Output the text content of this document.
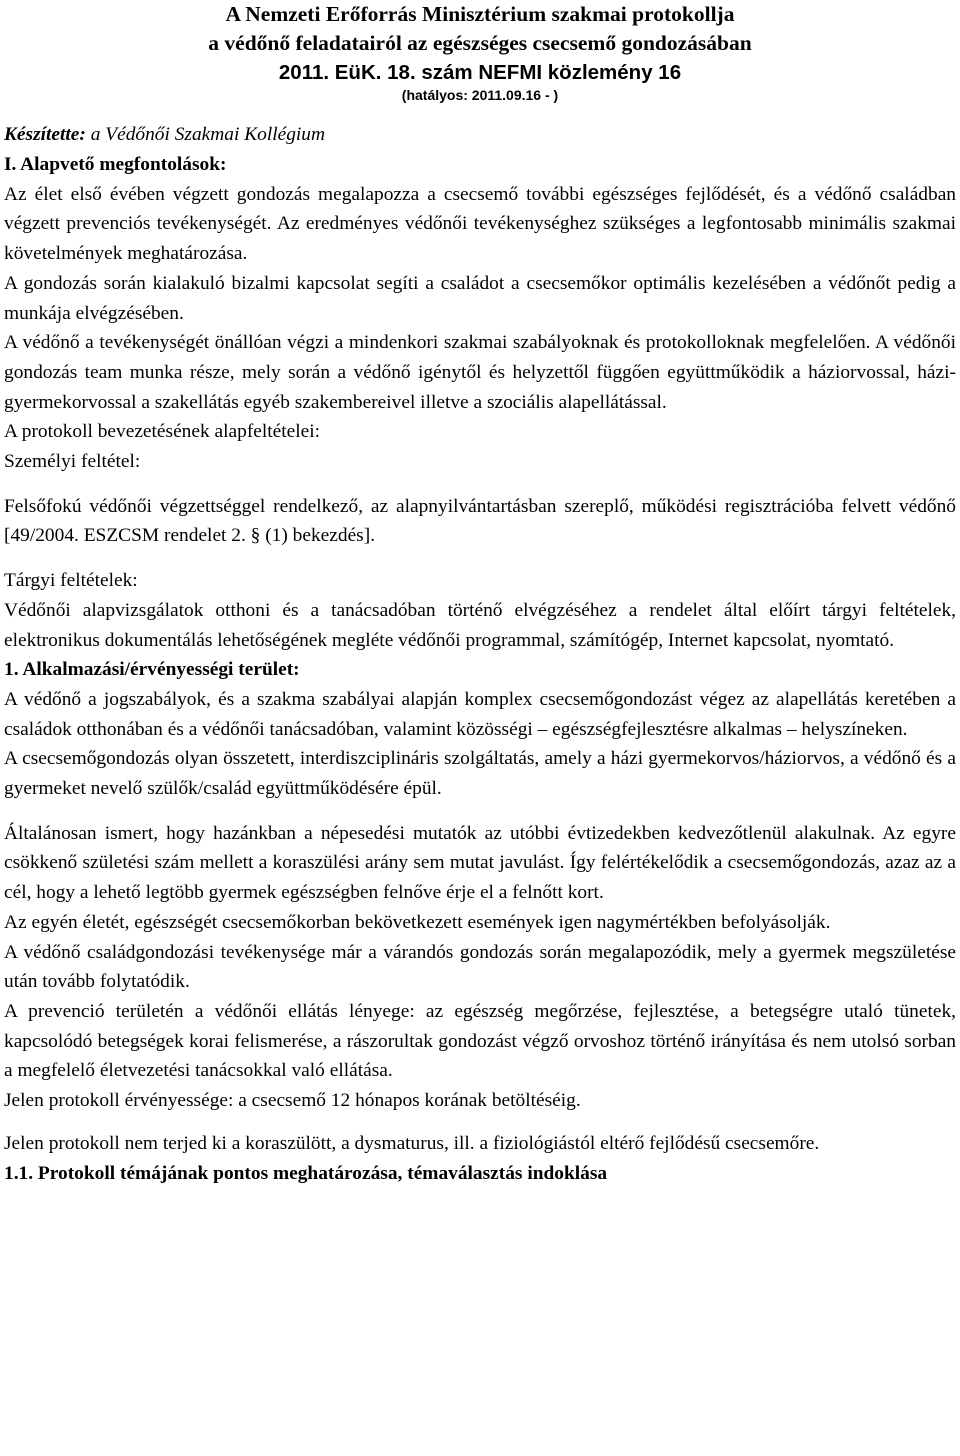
A Nemzeti Erőforrás Minisztérium szakmai protokollja
a védőnő feladatairól az egészséges csecsemő gondozásában
2011. EüK. 18. szám NEFMI közlemény 16
(hatályos: 2011.09.16 - )
Készítette: a Védőnői Szakmai Kollégium
I. Alapvető megfontolások:

Az élet első évében végzett gondozás megalapozza a csecsemő további egészséges fejlődését, és a védőnő családban végzett prevenciós tevékenységét. Az eredményes védőnői tevékenységhez szükséges a legfontosabb minimális szakmai követelmények meghatározása.

A gondozás során kialakuló bizalmi kapcsolat segíti a családot a csecsemőkor optimális kezelésében a védőnőt pedig a munkája elvégzésében.

A védőnő a tevékenységét önállóan végzi a mindenkori szakmai szabályoknak és protokolloknak megfelelően. A védőnői gondozás team munka része, mely során a védőnő igénytől és helyzettől függően együttműködik a háziorvossal, házi-gyermekorvossal a szakellátás egyéb szakembereivel illetve a szociális alapellátással.

A protokoll bevezetésének alapfeltételei:

Személyi feltétel:

Felsőfokú védőnői végzettséggel rendelkező, az alapnyilvántartásban szereplő, működési regisztrációba felvett védőnő [49/2004. ESZCSM rendelet 2. § (1) bekezdés].

Tárgyi feltételek:

Védőnői alapvizsgálatok otthoni és a tanácsadóban történő elvégzéséhez a rendelet által előírt tárgyi feltételek, elektronikus dokumentálás lehetőségének megléte védőnői programmal, számítógép, Internet kapcsolat, nyomtató.

1. Alkalmazási/érvényességi terület:

A védőnő a jogszabályok, és a szakma szabályai alapján komplex csecsemőgondozást végez az alapellátás keretében a családok otthonában és a védőnői tanácsadóban, valamint közösségi – egészségfejlesztésre alkalmas – helyszíneken.

A csecsemőgondozás olyan összetett, interdiszciplináris szolgáltatás, amely a házi gyermekorvos/háziorvos, a védőnő és a gyermeket nevelő szülők/család együttműködésére épül.

Általánosan ismert, hogy hazánkban a népesedési mutatók az utóbbi évtizedekben kedvezőtlenül alakulnak. Az egyre csökkenő születési szám mellett a koraszülési arány sem mutat javulást. Így felértékelődik a csecsemőgondozás, azaz az a cél, hogy a lehető legtöbb gyermek egészségben felnőve érje el a felnőtt kort.

Az egyén életét, egészségét csecsemőkorban bekövetkezett események igen nagymértékben befolyásolják.

A védőnő családgondozási tevékenysége már a várandós gondozás során megalapozódik, mely a gyermek megszületése után tovább folytatódik.

A prevenció területén a védőnői ellátás lényege: az egészség megőrzése, fejlesztése, a betegségre utaló tünetek, kapcsolódó betegségek korai felismerése, a rászorultak gondozást végző orvoshoz történő irányítása és nem utolsó sorban a megfelelő életvezetési tanácsokkal való ellátása.

Jelen protokoll érvényessége: a csecsemő 12 hónapos korának betöltéséig.

Jelen protokoll nem terjed ki a koraszülött, a dysmaturus, ill. a fiziológiástól eltérő fejlődésű csecsemőre.

1.1. Protokoll témájának pontos meghatározása, témaválasztás indoklása
